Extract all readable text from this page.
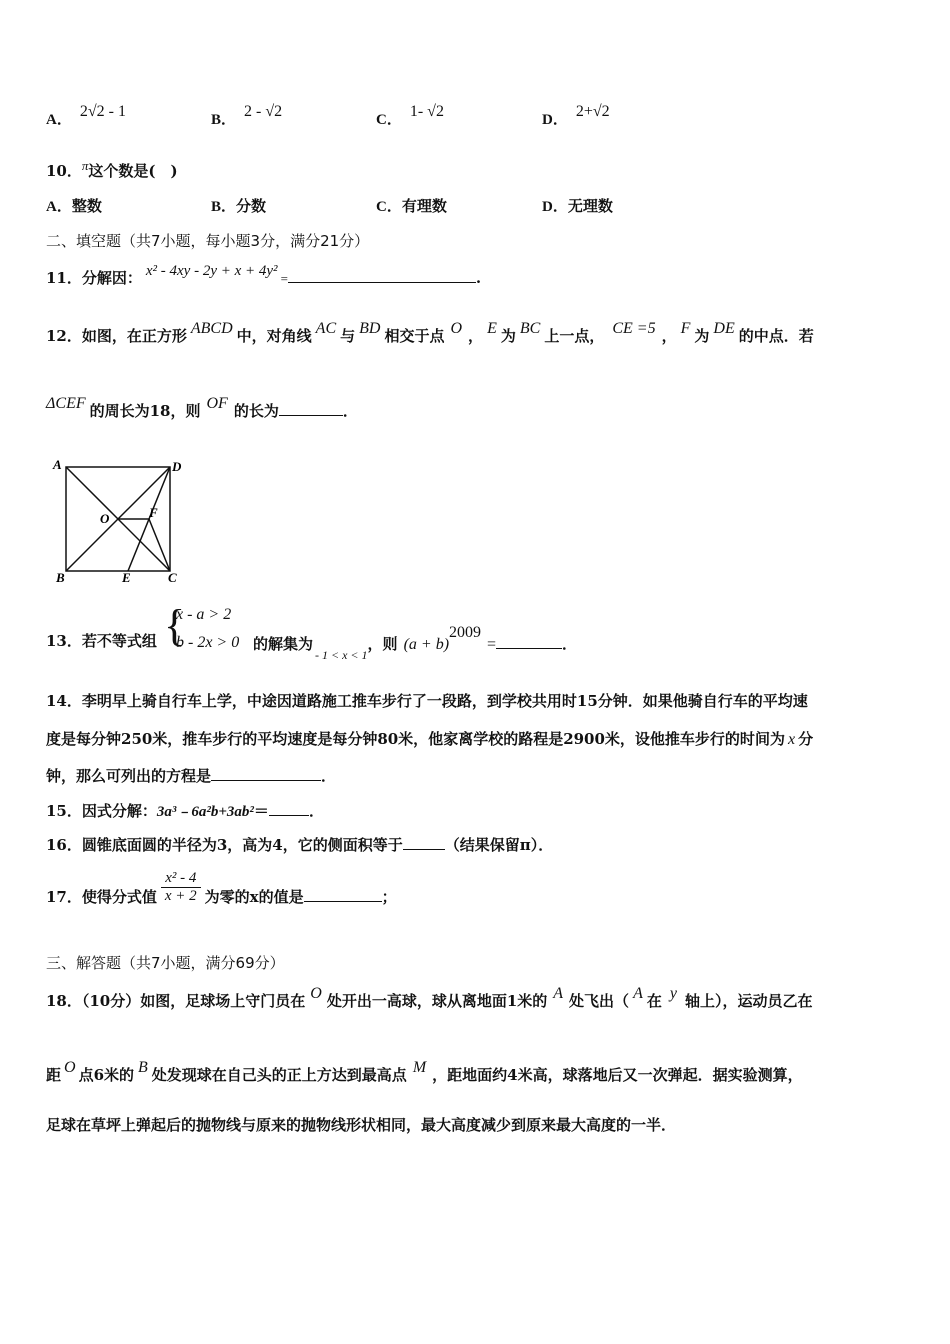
A． 2√2 - 1	B． 2 - √2	C． 1- √2	D． 2+√2
10．π这个数是(　)
A．整数	B．分数	C．有理数	D．无理数
二、填空题（共7小题，每小题3分，满分21分）
11．分解因： x² - 4xy - 2y + x + 4y² =	.
12．如图，在正方形 ABCD 中，对角线 AC 与 BD 相交于点 O ， E 为 BC 上一点， CE =5 ， F 为 DE 的中点．若
ΔCEF 的周长为18，则 OF 的长为	．
A	D
B	C
E
F
O
13．若不等式组 {
x - a > 2
b - 2x > 0 的解集为$_{- 1 < x < 1}$，则 $(a + b)^{2009}=$	．
14．李明早上骑自行车上学，中途因道路施工推车步行了一段路，到学校共用时15分钟．如果他骑自行车的平均速
度是每分钟250米，推车步行的平均速度是每分钟80米，他家离学校的路程是2900米，设他推车步行的时间为 x 分
钟，那么可列出的方程是	．
15．因式分解：3a³﹣6a²b+3ab²＝	．
16．圆锥底面圆的半径为3，高为4，它的侧面积等于	（结果保留π）．
17．使得分式值 $\frac{\text{x² - 4}}{x + 2}$ 为零的x的值是	；
三、解答题（共7小题，满分69分）
18．（10分）如图，足球场上守门员在 O 处开出一高球，球从离地面1米的 A 处飞出（ A 在 y 轴上），运动员乙在
距 O 点6米的 B 处发现球在自己头的正上方达到最高点 M ，距地面约4米高，球落地后又一次弹起．据实验测算，
足球在草坪上弹起后的抛物线与原来的抛物线形状相同，最大高度减少到原来最大高度的一半．
